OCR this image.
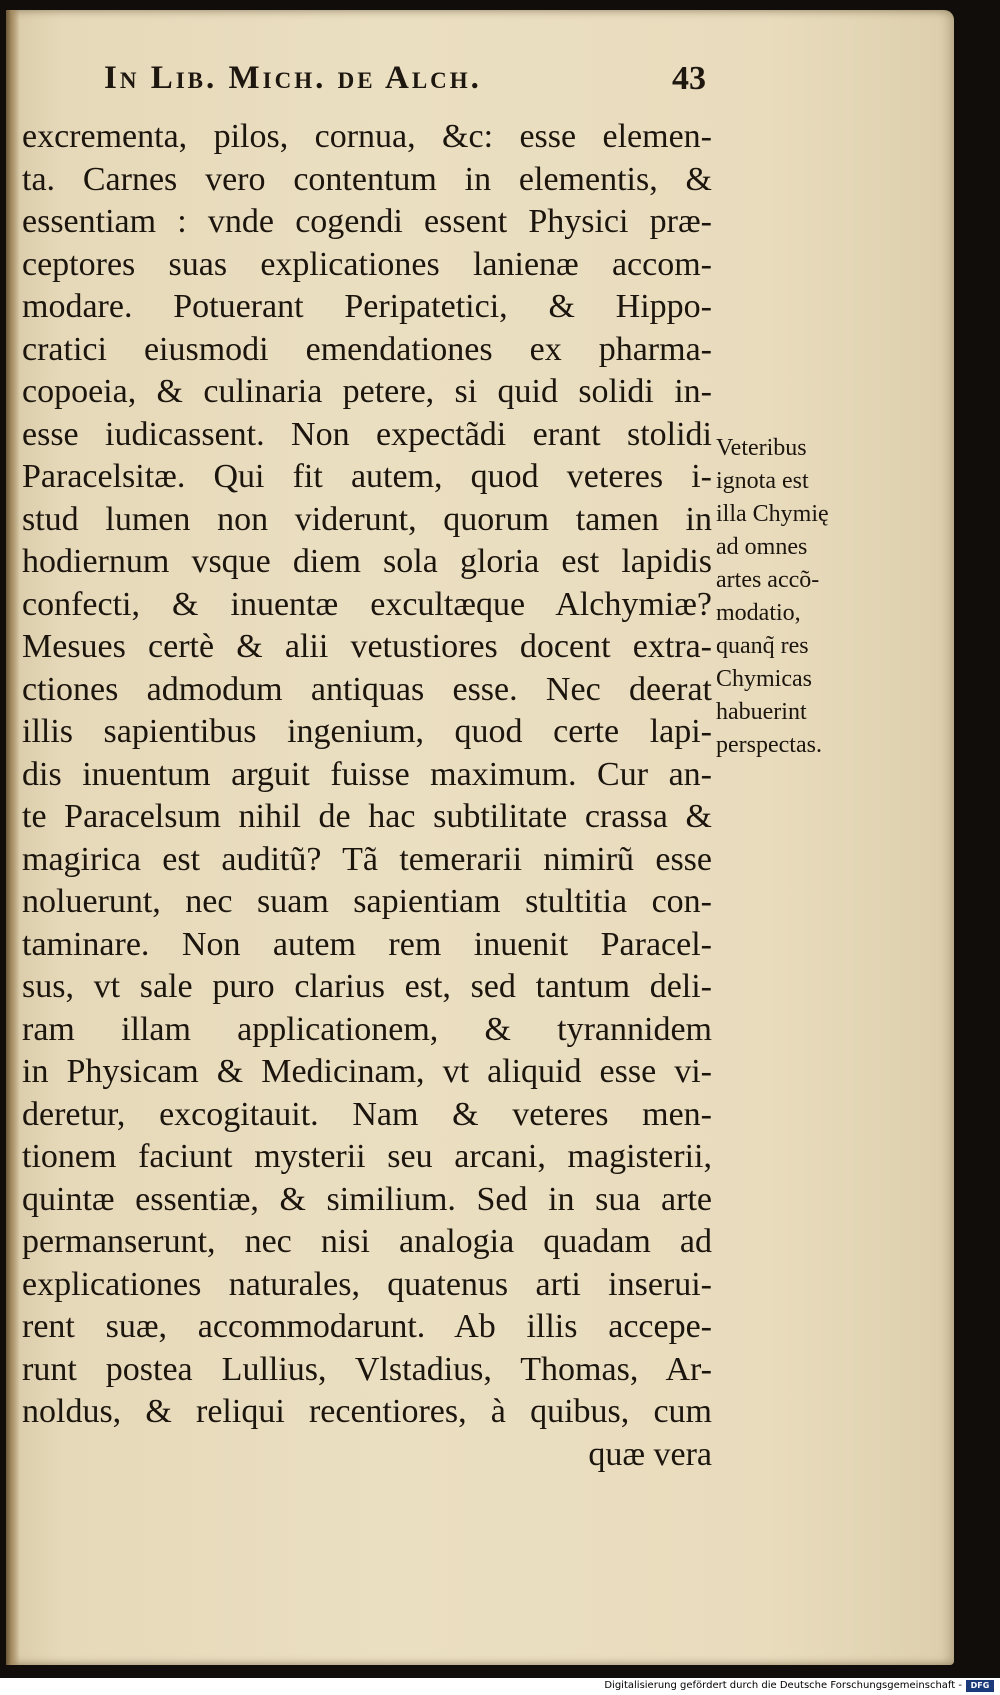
In Lib. Mich. de Alch.	43
excrementa, pilos, cornua, &c: esse elemen-
ta. Carnes vero contentum in elementis, &
essentiam : vnde cogendi essent Physici præ-
ceptores suas explicationes lanienæ accom-
modare. Potuerant Peripatetici, & Hippo-
cratici eiusmodi emendationes ex pharma-
copoeia, & culinaria petere, si quid solidi in-
esse iudicassent. Non expectãdi erant stolidi
Paracelsitæ. Qui fit autem, quod veteres i-
stud lumen non viderunt, quorum tamen in
hodiernum vsque diem sola gloria est lapidis
confecti, & inuentæ excultæque Alchymiæ?
Mesues certè & alii vetustiores docent extra-
ctiones admodum antiquas esse. Nec deerat
illis sapientibus ingenium, quod certe lapi-
dis inuentum arguit fuisse maximum. Cur an-
te Paracelsum nihil de hac subtilitate crassa &
magirica est auditũ? Tã temerarii nimirũ esse
noluerunt, nec suam sapientiam stultitia con-
taminare. Non autem rem inuenit Paracel-
sus, vt sale puro clarius est, sed tantum deli-
ram illam applicationem, & tyrannidem
in Physicam & Medicinam, vt aliquid esse vi-
deretur, excogitauit. Nam & veteres men-
tionem faciunt mysterii seu arcani, magisterii,
quintæ essentiæ, & similium. Sed in sua arte
permanserunt, nec nisi analogia quadam ad
explicationes naturales, quatenus arti inserui-
rent suæ, accommodarunt. Ab illis accepe-
runt postea Lullius, Vlstadius, Thomas, Ar-
noldus, & reliqui recentiores, à quibus, cum
quæ vera
Veteribus
ignota est
illa Chymię
ad omnes
artes accõ-
modatio,
quanq̃ res
Chymicas
habuerint
perspectas.
Digitalisierung gefördert durch die Deutsche Forschungsgemeinschaft -	DFG
